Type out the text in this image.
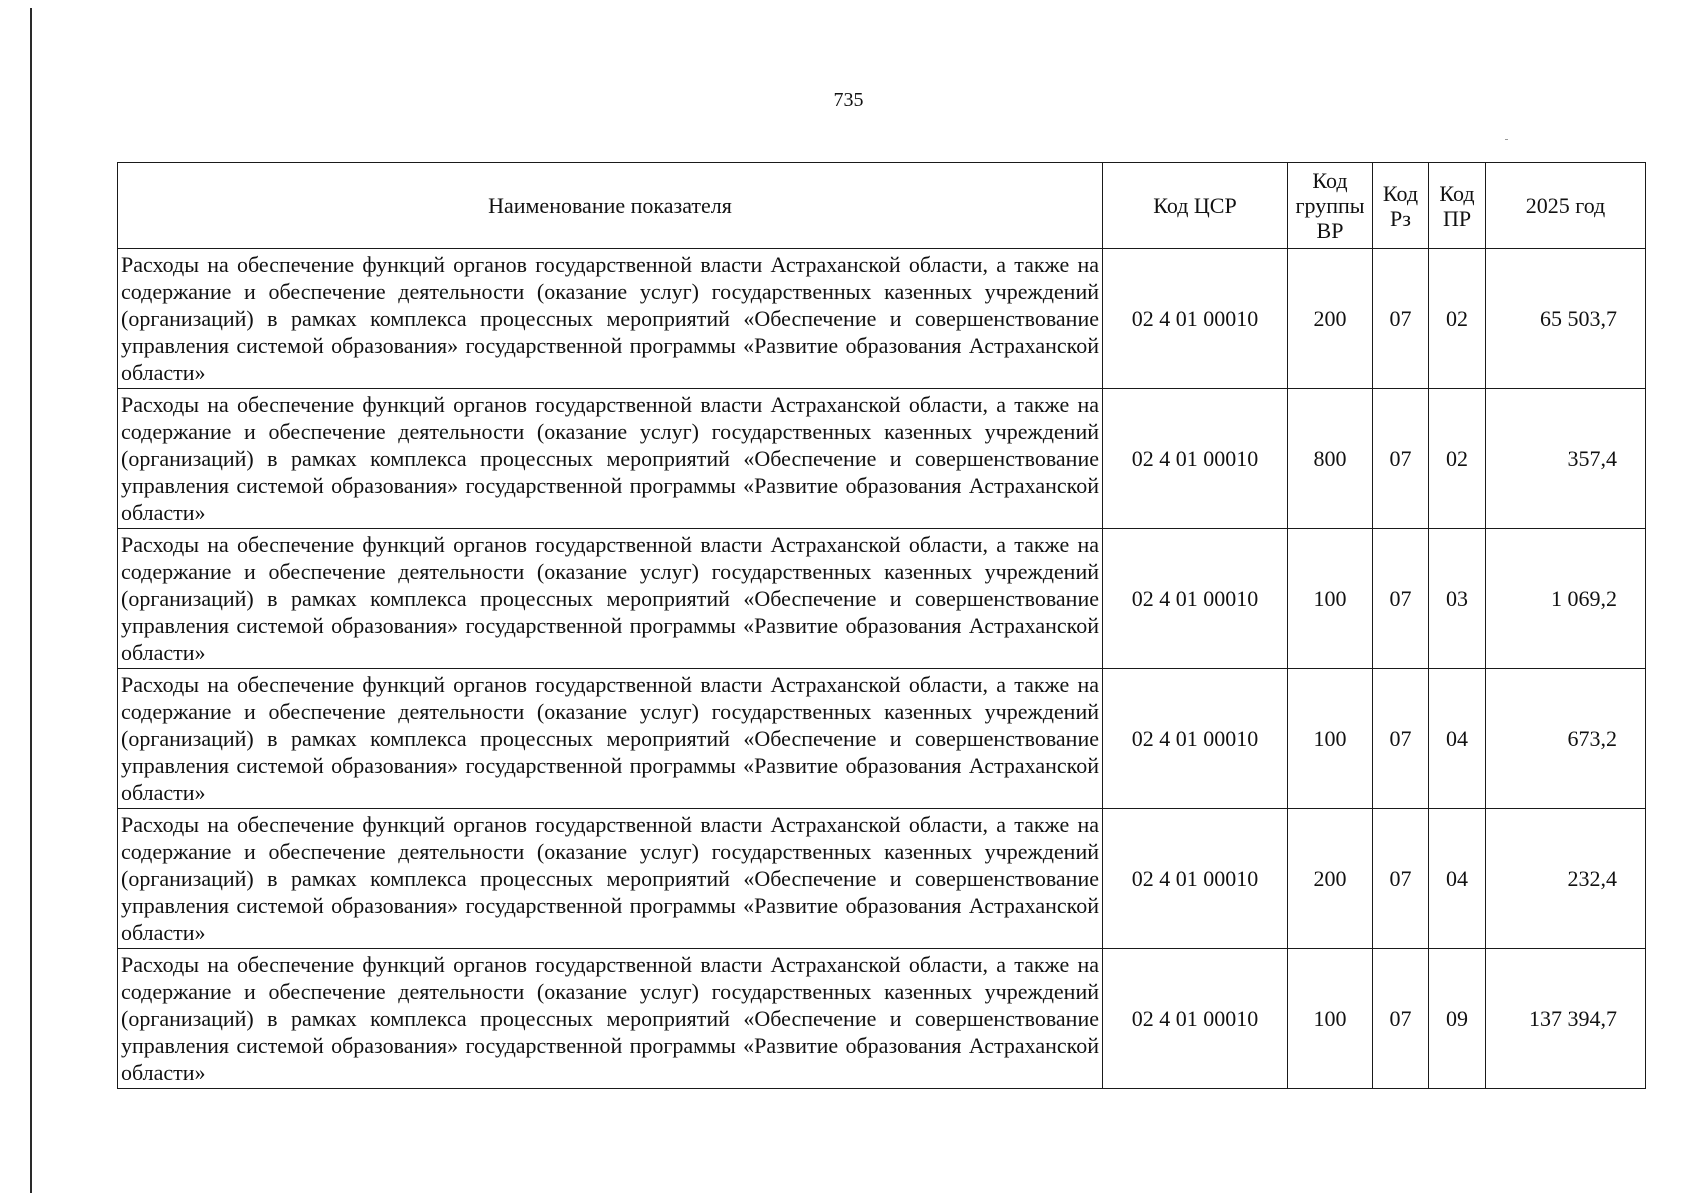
735
Наименование показателя	Код ЦСР	Код группы ВР	Код Рз	Код ПР	2025 год
Расходы на обеспечение функций органов государственной власти Астраханской области, а также на содержание и обеспечение деятельности (оказание услуг) государственных казенных учреждений (организаций) в рамках комплекса процессных мероприятий «Обеспечение и совершенствование управления системой образования» государственной программы «Развитие образования Астраханской области»	02 4 01 00010	200	07	02	65 503,7
Расходы на обеспечение функций органов государственной власти Астраханской области, а также на содержание и обеспечение деятельности (оказание услуг) государственных казенных учреждений (организаций) в рамках комплекса процессных мероприятий «Обеспечение и совершенствование управления системой образования» государственной программы «Развитие образования Астраханской области»	02 4 01 00010	800	07	02	357,4
Расходы на обеспечение функций органов государственной власти Астраханской области, а также на содержание и обеспечение деятельности (оказание услуг) государственных казенных учреждений (организаций) в рамках комплекса процессных мероприятий «Обеспечение и совершенствование управления системой образования» государственной программы «Развитие образования Астраханской области»	02 4 01 00010	100	07	03	1 069,2
Расходы на обеспечение функций органов государственной власти Астраханской области, а также на содержание и обеспечение деятельности (оказание услуг) государственных казенных учреждений (организаций) в рамках комплекса процессных мероприятий «Обеспечение и совершенствование управления системой образования» государственной программы «Развитие образования Астраханской области»	02 4 01 00010	100	07	04	673,2
Расходы на обеспечение функций органов государственной власти Астраханской области, а также на содержание и обеспечение деятельности (оказание услуг) государственных казенных учреждений (организаций) в рамках комплекса процессных мероприятий «Обеспечение и совершенствование управления системой образования» государственной программы «Развитие образования Астраханской области»	02 4 01 00010	200	07	04	232,4
Расходы на обеспечение функций органов государственной власти Астраханской области, а также на содержание и обеспечение деятельности (оказание услуг) государственных казенных учреждений (организаций) в рамках комплекса процессных мероприятий «Обеспечение и совершенствование управления системой образования» государственной программы «Развитие образования Астраханской области»	02 4 01 00010	100	07	09	137 394,7
